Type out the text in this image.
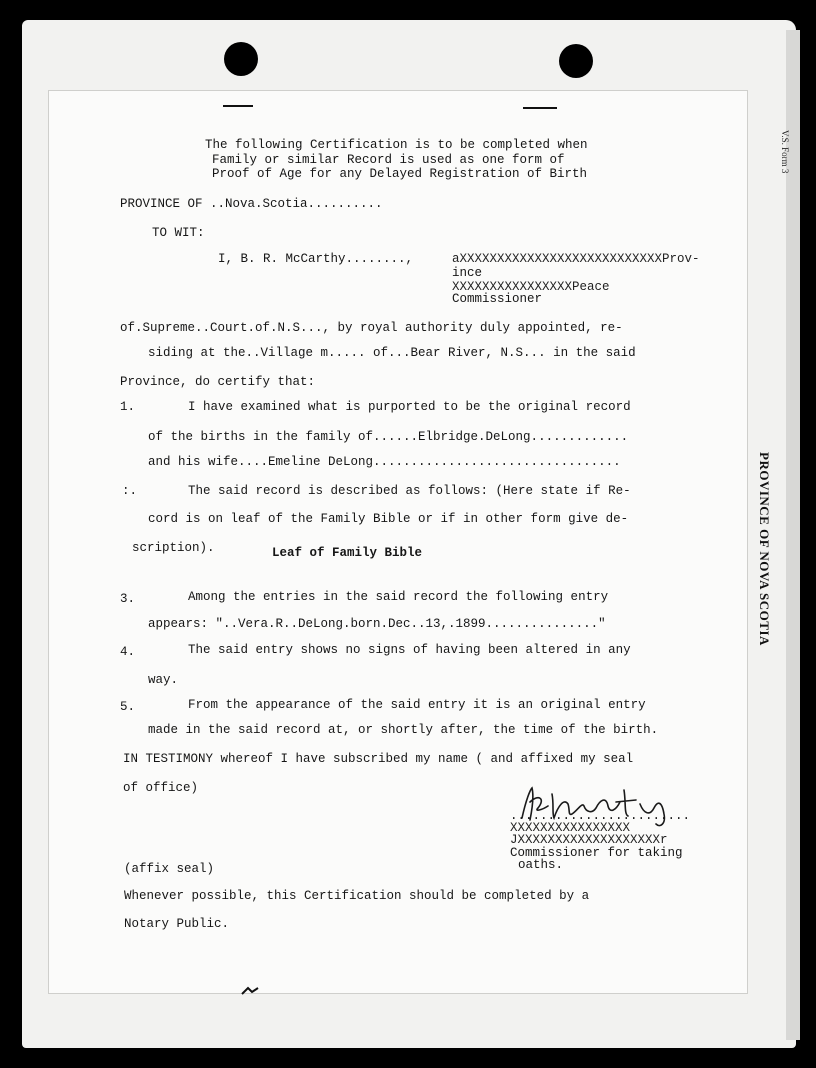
V.S. Form 3
PROVINCE OF NOVA SCOTIA
The following Certification is to be completed when
Family or similar Record is used as one form of
Proof of Age for any Delayed Registration of Birth
PROVINCE OF ..Nova.Scotia..........
TO WIT:
I, B. R. McCarthy........,	aXXXXXXXXXXXXXXXXXXXXXXXXXXXProv-
ince
XXXXXXXXXXXXXXXXPeace
Commissioner
of.Supreme..Court.of.N.S..., by royal authority duly appointed, re-
siding at the..Village m..... of...Bear River, N.S... in the said
Province, do certify that:
1.	I have examined what is purported to be the original record
of the births in the family of......Elbridge.DeLong.............
and his wife....Emeline DeLong.................................
:.	The said record is described as follows: (Here state if Re-
cord is on leaf of the Family Bible or if in other form give de-
scription).	Leaf of Family Bible
3.	Among the entries in the said record the following entry
appears: "..Vera.R..DeLong.born.Dec..13,.1899..............."
4.	The said entry shows no signs of having been altered in any
way.
5.	From the appearance of the said entry it is an original entry
made in the said record at, or shortly after, the time of the birth.
IN TESTIMONY whereof I have subscribed my name ( and affixed my seal
of office)
........................
XXXXXXXXXXXXXXXX
JXXXXXXXXXXXXXXXXXXXr
Commissioner for taking
oaths.
(affix seal)
Whenever possible, this Certification should be completed by a
Notary Public.
